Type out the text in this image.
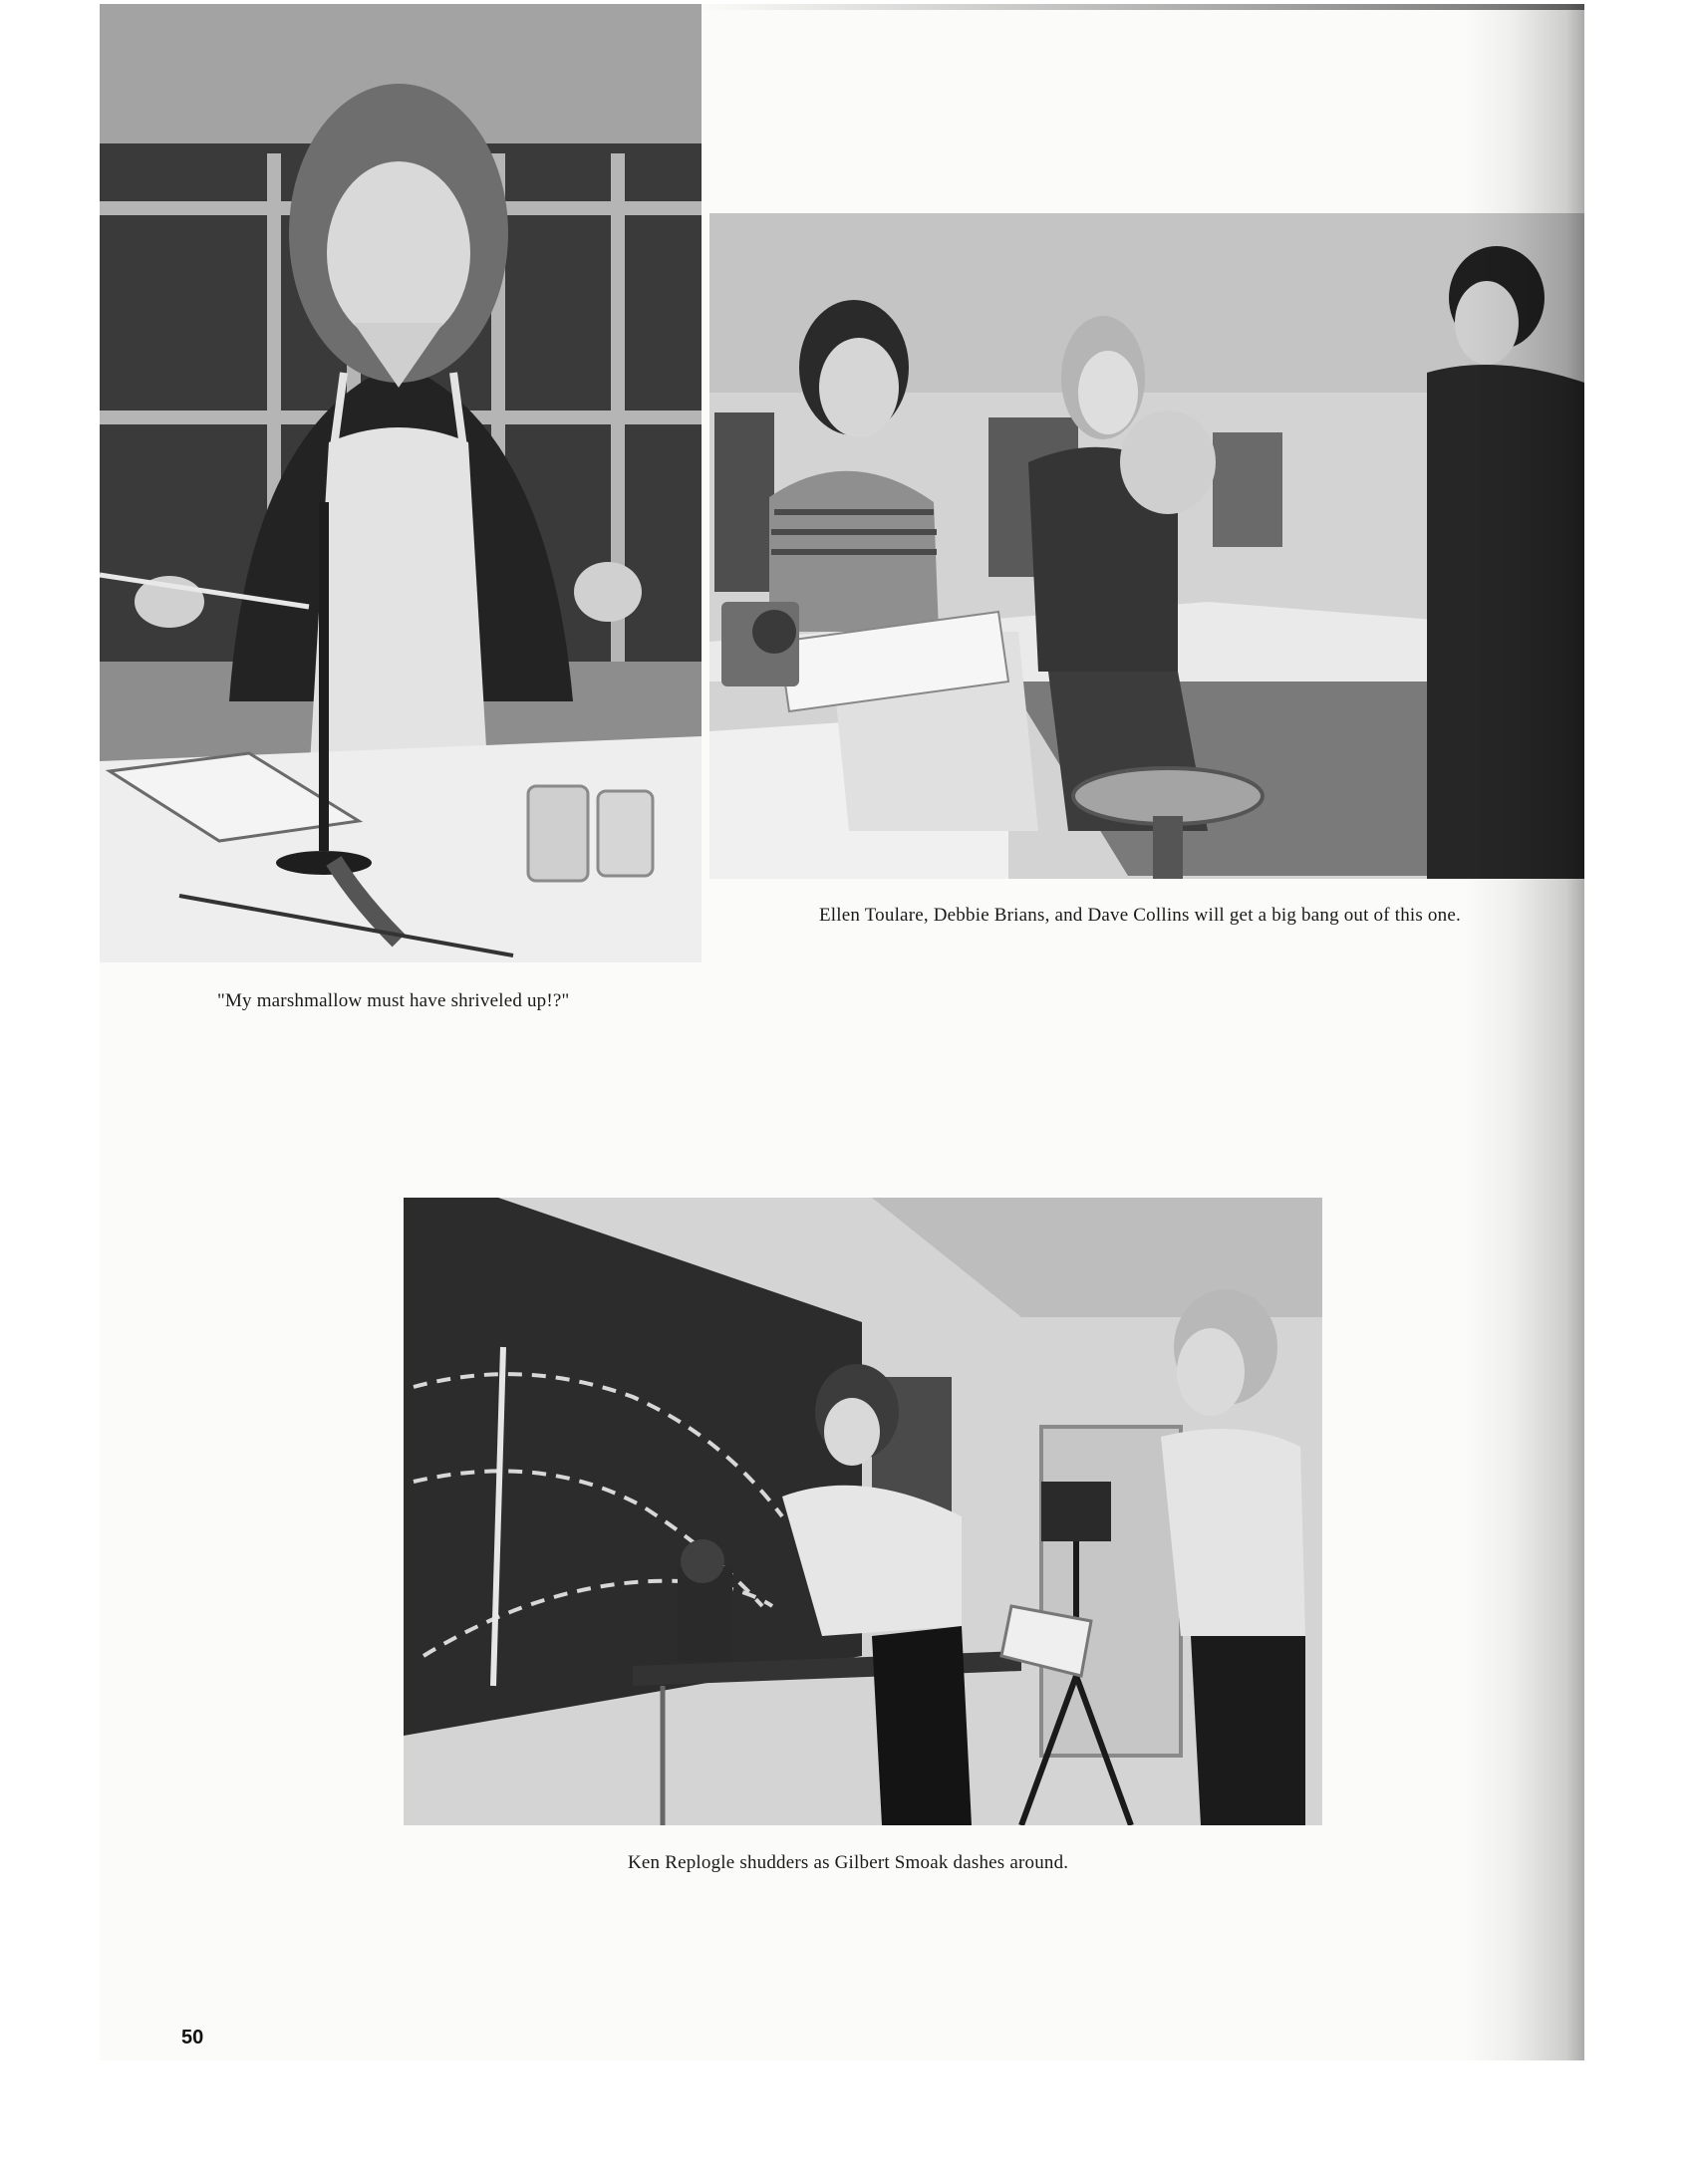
"My marshmallow must have shriveled up!?"
Ellen Toulare, Debbie Brians, and Dave Collins will get a big bang out of this one.
Ken Replogle shudders as Gilbert Smoak dashes around.
50
